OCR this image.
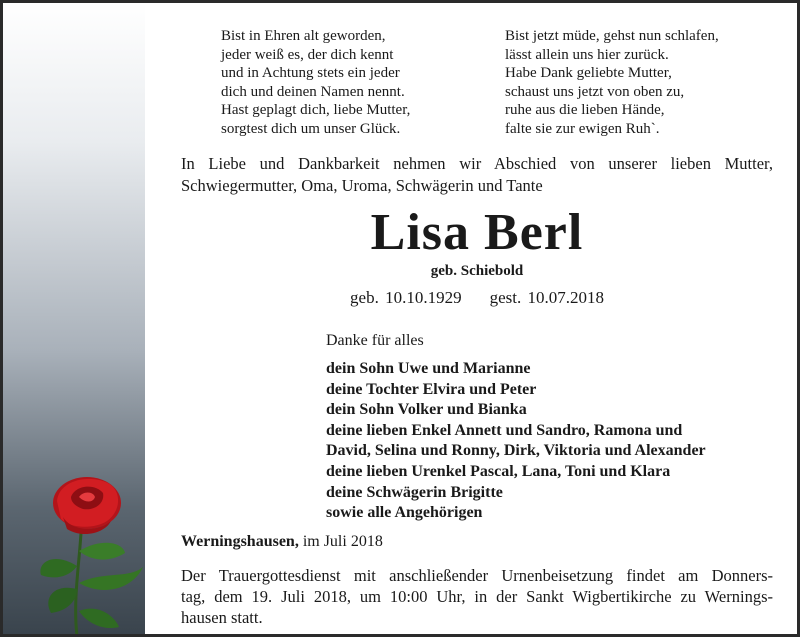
Bist in Ehren alt geworden,
jeder weiß es, der dich kennt
und in Achtung stets ein jeder
dich und deinen Namen nennt.
Hast geplagt dich, liebe Mutter,
sorgtest dich um unser Glück.
Bist jetzt müde, gehst nun schlafen,
lässt allein uns hier zurück.
Habe Dank geliebte Mutter,
schaust uns jetzt von oben zu,
ruhe aus die lieben Hände,
falte sie zur ewigen Ruh`.
In Liebe und Dankbarkeit nehmen wir Abschied von unserer lieben Mutter,
Schwiegermutter, Oma, Uroma, Schwägerin und Tante
Lisa Berl
geb. Schiebold
geb. 10.10.1929 gest. 10.07.2018
Danke für alles
dein Sohn Uwe und Marianne
deine Tochter Elvira und Peter
dein Sohn Volker und Bianka
deine lieben Enkel Annett und Sandro, Ramona und
David, Selina und Ronny, Dirk, Viktoria und Alexander
deine lieben Urenkel Pascal, Lana, Toni und Klara
deine Schwägerin Brigitte
sowie alle Angehörigen
Werningshausen, im Juli 2018
Der Trauergottesdienst mit anschließender Urnenbeisetzung findet am Donners-
tag, dem 19. Juli 2018, um 10:00 Uhr, in der Sankt Wigbertikirche zu Wernings-
hausen statt.
